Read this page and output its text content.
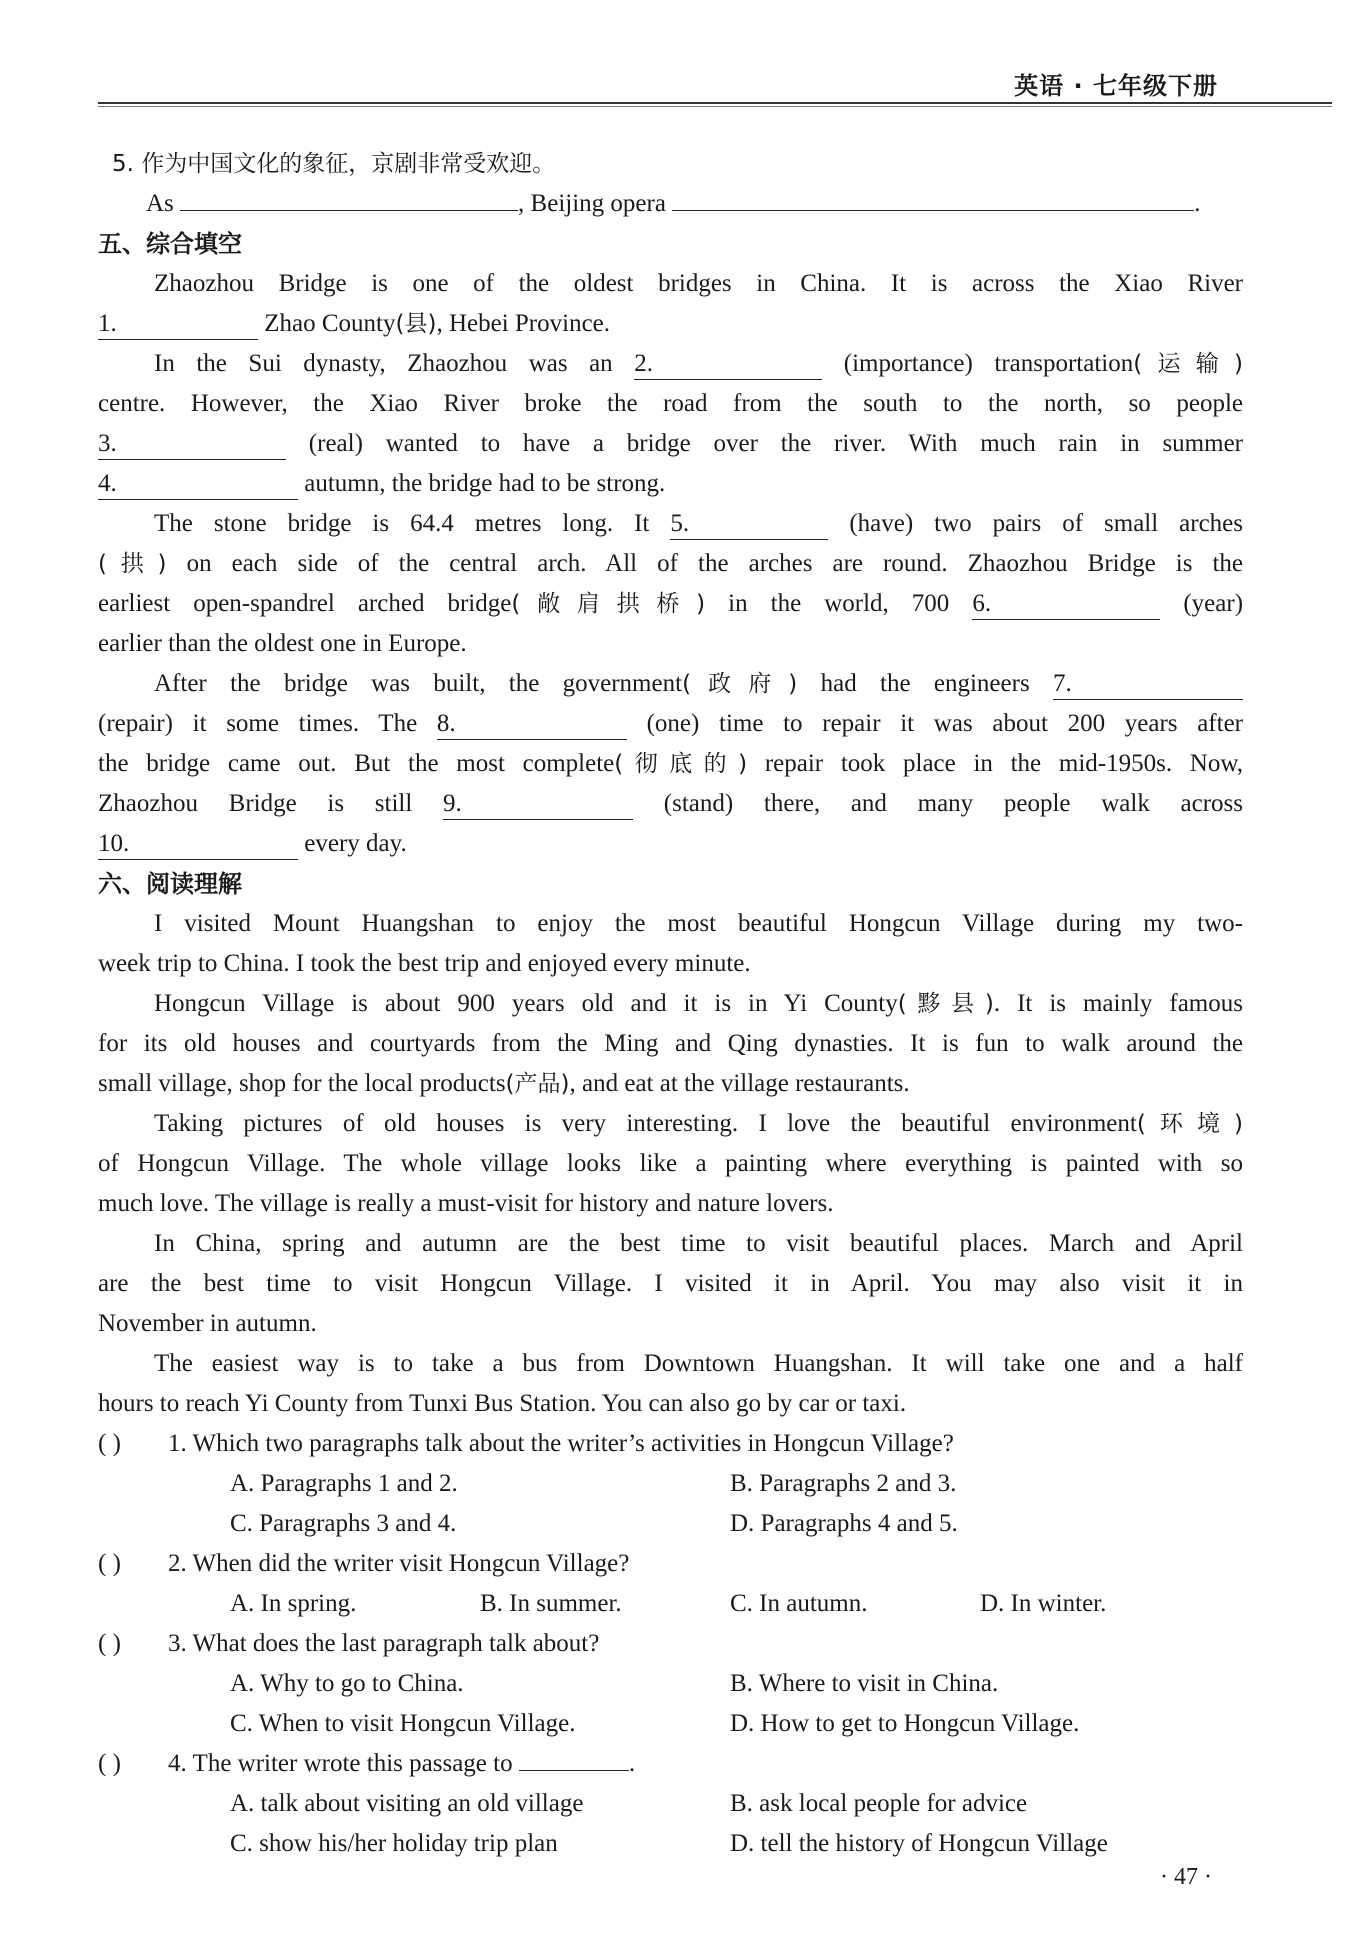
英语 · 七年级下册
5. 作为中国文化的象征，京剧非常受欢迎。
As	, Beijing opera	.
五、综合填空
Zhaozhou Bridge is one of the oldest bridges in China. It is across the Xiao River
1.	Zhao County(县), Hebei Province.
In the Sui dynasty, Zhaozhou was an 2.	(importance) transportation(运输)
centre. However, the Xiao River broke the road from the south to the north, so people
3.	(real) wanted to have a bridge over the river. With much rain in summer
4.	autumn, the bridge had to be strong.
The stone bridge is 64.4 metres long. It 5.	(have) two pairs of small arches
(拱) on each side of the central arch. All of the arches are round. Zhaozhou Bridge is the
earliest open-spandrel arched bridge(敞肩拱桥) in the world, 700 6.	(year)
earlier than the oldest one in Europe.
After the bridge was built, the government(政府) had the engineers 7.
(repair) it some times. The 8.	(one) time to repair it was about 200 years after
the bridge came out. But the most complete(彻底的) repair took place in the mid-1950s. Now,
Zhaozhou Bridge is still 9.	(stand) there, and many people walk across
10.	every day.
六、阅读理解
I visited Mount Huangshan to enjoy the most beautiful Hongcun Village during my two-
week trip to China. I took the best trip and enjoyed every minute.
Hongcun Village is about 900 years old and it is in Yi County(黟县). It is mainly famous
for its old houses and courtyards from the Ming and Qing dynasties. It is fun to walk around the
small village, shop for the local products(产品), and eat at the village restaurants.
Taking pictures of old houses is very interesting. I love the beautiful environment(环境)
of Hongcun Village. The whole village looks like a painting where everything is painted with so
much love. The village is really a must-visit for history and nature lovers.
In China, spring and autumn are the best time to visit beautiful places. March and April
are the best time to visit Hongcun Village. I visited it in April. You may also visit it in
November in autumn.
The easiest way is to take a bus from Downtown Huangshan. It will take one and a half
hours to reach Yi County from Tunxi Bus Station. You can also go by car or taxi.
( ) 1. Which two paragraphs talk about the writer’s activities in Hongcun Village?
A. Paragraphs 1 and 2.	B. Paragraphs 2 and 3.
C. Paragraphs 3 and 4.	D. Paragraphs 4 and 5.
( ) 2. When did the writer visit Hongcun Village?
A. In spring.	B. In summer.	C. In autumn.	D. In winter.
( ) 3. What does the last paragraph talk about?
A. Why to go to China.	B. Where to visit in China.
C. When to visit Hongcun Village.	D. How to get to Hongcun Village.
( ) 4. The writer wrote this passage to	.
A. talk about visiting an old village	B. ask local people for advice
C. show his/her holiday trip plan	D. tell the history of Hongcun Village
· 47 ·
